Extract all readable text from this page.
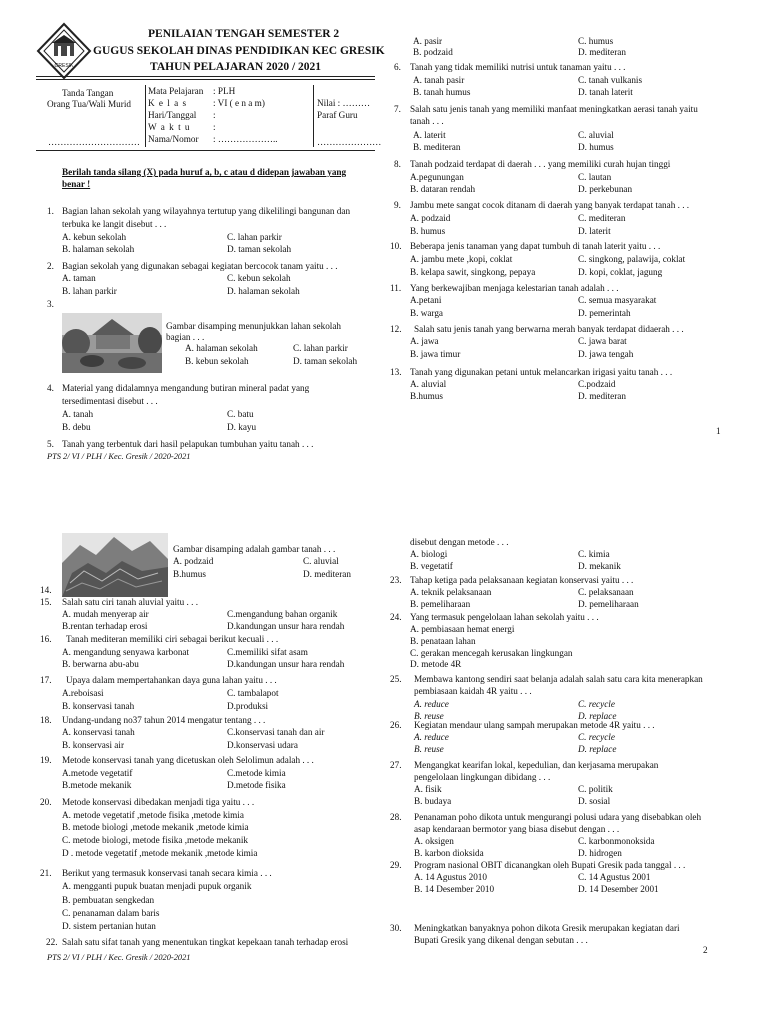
GRESIK
PENILAIAN TENGAH SEMESTER 2
GUGUS SEKOLAH DINAS PENDIDIKAN KEC GRESIK
TAHUN PELAJARAN 2020 / 2021
Tanda Tangan
Orang Tua/Wali Murid
…………………………
Mata Pelajaran : PLH
K e l a s	: VI ( e n a m)
Hari/Tanggal :
W a k t u :
Nama/Nomor : ………………..
Nilai : ………
Paraf Guru
…………………
Berilah tanda silang (X) pada huruf a, b, c atau d didepan jawaban yang
benar !
1. Bagian lahan sekolah yang wilayahnya tertutup yang dikelilingi bangunan dan
terbuka ke langit disebut . . .
A. kebun sekolah	C. lahan parkir
B. halaman sekolah	D. taman sekolah
2. Bagian sekolah yang digunakan sebagai kegiatan bercocok tanam yaitu . . .
A. taman	C. kebun sekolah
B. lahan parkir	D. halaman sekolah
3.
Gambar disamping menunjukkan lahan sekolah
bagian . . .
A. halaman sekolah	C. lahan parkir
B. kebun sekolah	D. taman sekolah
4. Material yang didalamnya mengandung butiran mineral padat yang
tersedimentasi disebut . . .
A. tanah	C. batu
B. debu	D. kayu
5. Tanah yang terbentuk dari hasil pelapukan tumbuhan yaitu tanah . . .
PTS 2/ VI / PLH / Kec. Gresik / 2020-2021
1
A. pasir	C. humus
B. podzaid	D. mediteran
6. Tanah yang tidak memiliki nutrisi untuk tanaman yaitu . . .
A. tanah pasir	C. tanah vulkanis
B. tanah humus	D. tanah laterit
7. Salah satu jenis tanah yang memiliki manfaat meningkatkan aerasi tanah yaitu
tanah . . .
A. laterit	C. aluvial
B. mediteran	D. humus
8. Tanah podzaid terdapat di daerah . . . yang memiliki curah hujan tinggi
A.pegunungan	C. lautan
B. dataran rendah	D. perkebunan
9. Jambu mete sangat cocok ditanam di daerah yang banyak terdapat tanah . . .
A. podzaid	C. mediteran
B. humus	D. laterit
10. Beberapa jenis tanaman yang dapat tumbuh di tanah laterit yaitu . . .
A. jambu mete ,kopi, coklat	C. singkong, palawija, coklat
B. kelapa sawit, singkong, pepaya	D. kopi, coklat, jagung
11. Yang berkewajiban menjaga kelestarian tanah adalah . . .
A.petani	C. semua masyarakat
B. warga	D. pemerintah
12. Salah satu jenis tanah yang berwarna merah banyak terdapat didaerah . . .
A. jawa	C. jawa barat
B. jawa timur	D. jawa tengah
13. Tanah yang digunakan petani untuk melancarkan irigasi yaitu tanah . . .
A. aluvial	C.podzaid
B.humus	D. mediteran
Gambar disamping adalah gambar tanah . . .
A. podzaid	C. aluvial
B.humus	D. mediteran
14.
15. Salah satu ciri tanah aluvial yaitu . . .
A. mudah menyerap air	C.mengandung bahan organik
B.rentan terhadap erosi	D.kandungan unsur hara rendah
16. Tanah mediteran memiliki ciri sebagai berikut kecuali . . .
A. mengandung senyawa karbonat	C.memiliki sifat asam
B. berwarna abu-abu	D.kandungan unsur hara rendah
17. Upaya dalam mempertahankan daya guna lahan yaitu . . .
A.reboisasi	C. tambalapot
B. konservasi tanah	D.produksi
18. Undang-undang no37 tahun 2014 mengatur tentang . . .
A. konservasi tanah	C.konservasi tanah dan air
B. konservasi air	D.konservasi udara
19. Metode konservasi tanah yang dicetuskan oleh Selolimun adalah . . .
A.metode vegetatif	C.metode kimia
B.metode mekanik	D.metode fisika
20. Metode konservasi dibedakan menjadi tiga yaitu . . .
A. metode vegetatif ,metode fisika ,metode kimia
B. metode biologi ,metode mekanik ,metode kimia
C. metode biologi, metode fisika ,metode mekanik
D . metode vegetatif ,metode mekanik ,metode kimia
21. Berikut yang termasuk konservasi tanah secara kimia . . .
A. mengganti pupuk buatan menjadi pupuk organik
B. pembuatan sengkedan
C. penanaman dalam baris
D. sistem pertanian hutan
22. Salah satu sifat tanah yang menentukan tingkat kepekaan tanah terhadap erosi
PTS 2/ VI / PLH / Kec. Gresik / 2020-2021
2
disebut dengan metode . . .
A. biologi	C. kimia
B. vegetatif	D. mekanik
23. Tahap ketiga pada pelaksanaan kegiatan konservasi yaitu . . .
A. teknik pelaksanaan	C. pelaksanaan
B. pemeliharaan	D. pemeliharaan
24. Yang termasuk pengelolaan lahan sekolah yaitu . . .
A. pembiasaan hemat energi
B. penataan lahan
C. gerakan mencegah kerusakan lingkungan
D. metode 4R
25. Membawa kantong sendiri saat belanja adalah salah satu cara kita menerapkan
pembiasaan kaidah 4R yaitu . . .
A. reduce	C. recycle
B. reuse	D. replace
26. Kegiatan mendaur ulang sampah merupakan metode 4R yaitu . . .
A. reduce	C. recycle
B. reuse	D. replace
27. Mengangkat kearifan lokal, kepedulian, dan kerjasama merupakan
pengelolaan lingkungan dibidang . . .
A. fisik	C. politik
B. budaya	D. sosial
28. Penanaman poho dikota untuk mengurangi polusi udara yang disebabkan oleh
asap kendaraan bermotor yang biasa disebut dengan . . .
A. oksigen	C. karbonmonoksida
B. karbon dioksida	D. hidrogen
29. Program nasional OBIT dicanangkan oleh Bupati Gresik pada tanggal . . .
A. 14 Agustus 2010	C. 14 Agustus 2001
B. 14 Desember 2010	D. 14 Desember 2001
30. Meningkatkan banyaknya pohon dikota Gresik merupakan kegiatan dari
Bupati Gresik yang dikenal dengan sebutan . . .
